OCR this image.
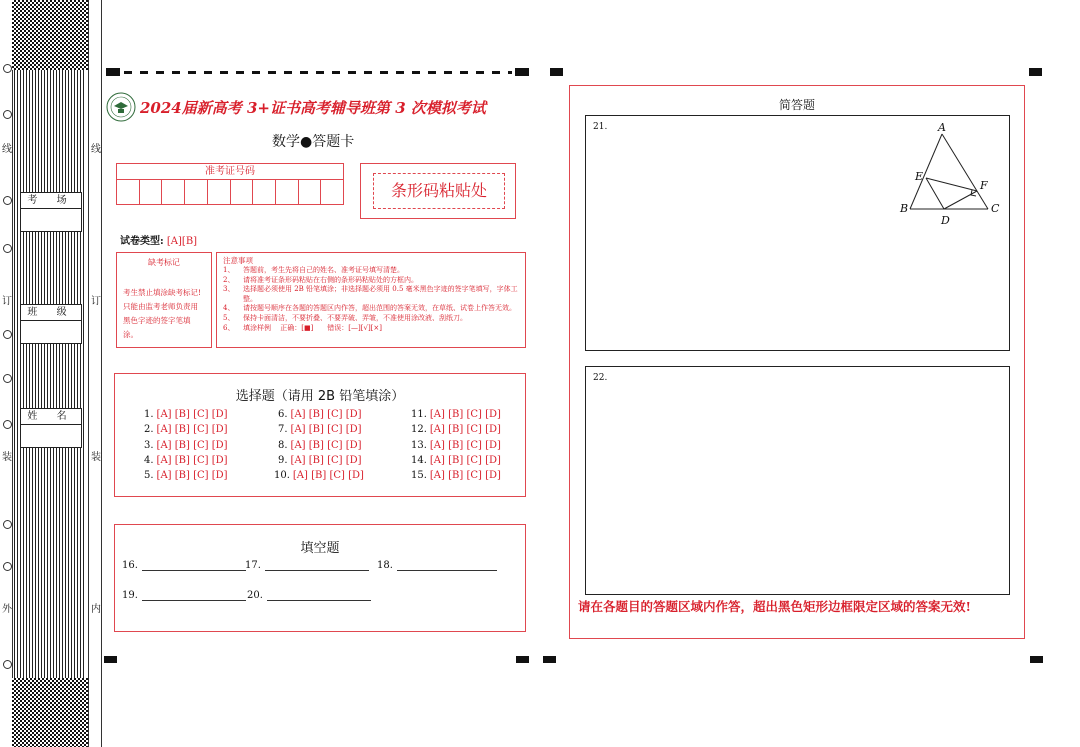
线	线
订	订
装	装
外	内
考 场
班 级
姓 名
2024届新高考 3+证书高考辅导班第 3 次模拟考试
数学●答题卡
准考证号码
条形码粘贴处
试卷类型: [A][B]
缺考标记
考生禁止填涂缺考标记! 只能由监考老师负责用黑色字迹的签字笔填涂。
注意事项
1、	答题前，考生先将自己的姓名、准考证号填写清楚。
2、	请将准考证条形码粘贴在右侧的条形码粘贴处的方框内。
3、	选择题必须使用 2B 铅笔填涂；非选择题必须用 0.5 毫米黑色字迹的签字笔填写，字体工整。
4、	请按题号顺序在各题的答题区内作答，超出范围的答案无效，在草纸、试卷上作答无效。
5、	保持卡面清洁，不要折叠、不要弄破、弄皱，不准使用涂改液、刮纸刀。
6、	填涂样例　 正确：[■]　　错误：[—][√][×]
选择题（请用 2B 铅笔填涂）
1. [A] [B] [C] [D]
2. [A] [B] [C] [D]
3. [A] [B] [C] [D]
4. [A] [B] [C] [D]
5. [A] [B] [C] [D]
6. [A] [B] [C] [D]
7. [A] [B] [C] [D]
8. [A] [B] [C] [D]
9. [A] [B] [C] [D]
10. [A] [B] [C] [D]
11. [A] [B] [C] [D]
12. [A] [B] [C] [D]
13. [A] [B] [C] [D]
14. [A] [B] [C] [D]
15. [A] [B] [C] [D]
填空题
16.	17.	18.
19.	20.
简答题
21.	A
B	C
D
E
F
22.
请在各题目的答题区域内作答，超出黑色矩形边框限定区域的答案无效!
